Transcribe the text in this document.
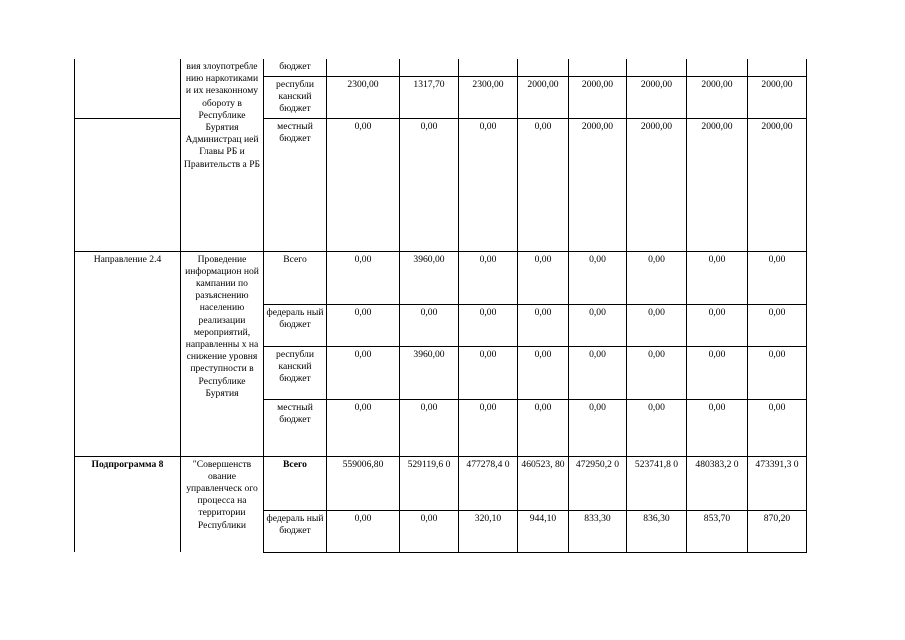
	вия злоупотребле нию наркотиками и их незаконному обороту в Республике Бурятия Администрац ией Главы РБ и Правительств а РБ	бюджет								
		республи канский бюджет	2300,00	1317,70	2300,00	2000,00	2000,00	2000,00	2000,00	2000,00
		местный бюджет	0,00	0,00	0,00	0,00	2000,00	2000,00	2000,00	2000,00
Направление 2.4	Проведение информацион ной кампании по разъяснению населению реализации мероприятий, направленны х на снижение уровня преступности в Республике Бурятия	Всего	0,00	3960,00	0,00	0,00	0,00	0,00	0,00	0,00
		федераль ный бюджет	0,00	0,00	0,00	0,00	0,00	0,00	0,00	0,00
		республи канский бюджет	0,00	3960,00	0,00	0,00	0,00	0,00	0,00	0,00
		местный бюджет	0,00	0,00	0,00	0,00	0,00	0,00	0,00	0,00
Подпрограмма 8	"Совершенств ование управленческ ого процесса на территории Республики	Всего	559006,80	529119,6 0	477278,4 0	460523, 80	472950,2 0	523741,8 0	480383,2 0	473391,3 0
		федераль ный бюджет	0,00	0,00	320,10	944,10	833,30	836,30	853,70	870,20
